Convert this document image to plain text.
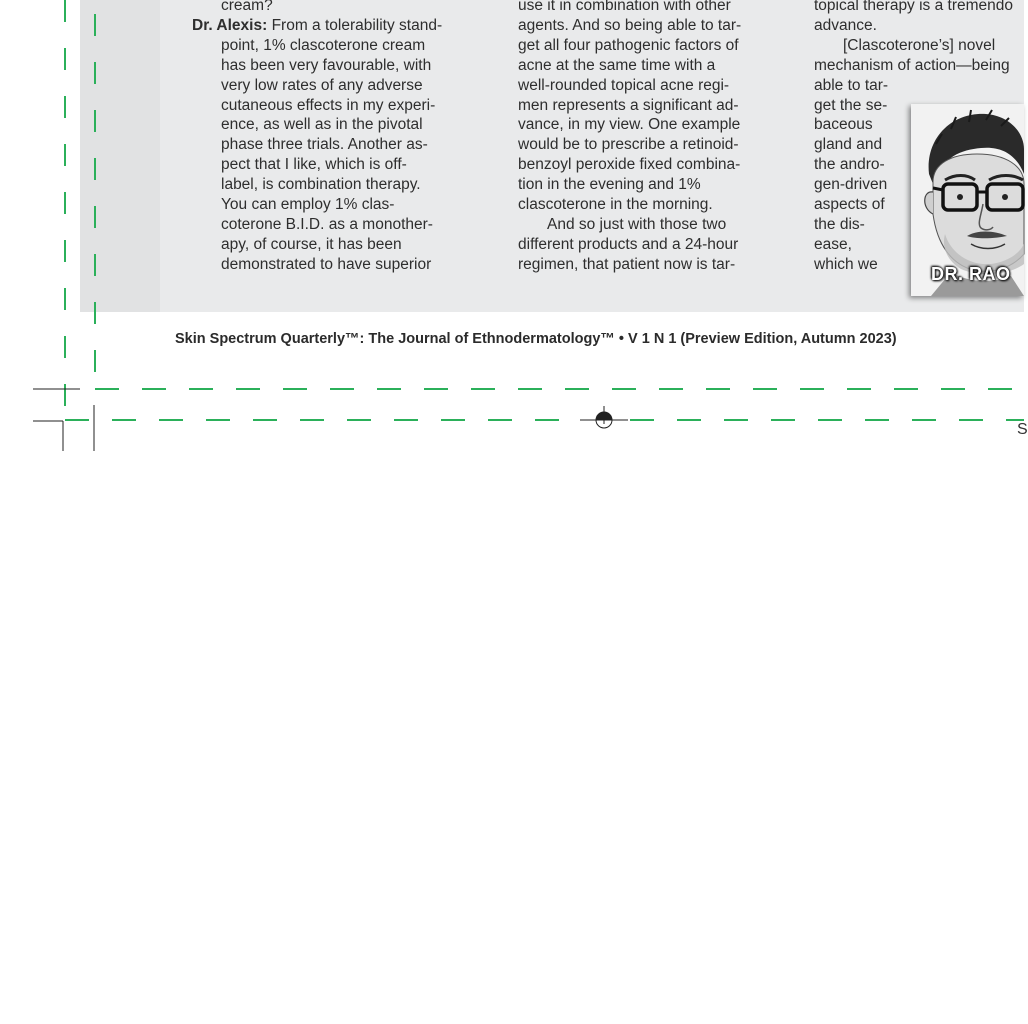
cream?
Dr. Alexis: From a tolerability stand-
point, 1% clascoterone cream
has been very favourable, with
very low rates of any adverse
cutaneous effects in my experi-
ence, as well as in the pivotal
phase three trials. Another as-
pect that I like, which is off-
label, is combination therapy.
You can employ 1% clas-
coterone B.I.D. as a monother-
apy, of course, it has been
demonstrated to have superior
use it in combination with other
agents. And so being able to tar-
get all four pathogenic factors of
acne at the same time with a
well-rounded topical acne regi-
men represents a significant ad-
vance, in my view. One example
would be to prescribe a retinoid-
benzoyl peroxide fixed combina-
tion in the evening and 1%
clascoterone in the morning.
And so just with those two
different products and a 24-hour
regimen, that patient now is tar-
topical therapy is a tremendo
advance.
[Clascoterone’s] novel
mechanism of action—being
able to tar-
get the se-
baceous
gland and
the andro-
gen-driven
aspects of
the dis-
ease,
which we	DR. RAO
Skin Spectrum Quarterly™: The Journal of Ethnodermatology™ • V 1 N 1 (Preview Edition, Autumn 2023)
S
